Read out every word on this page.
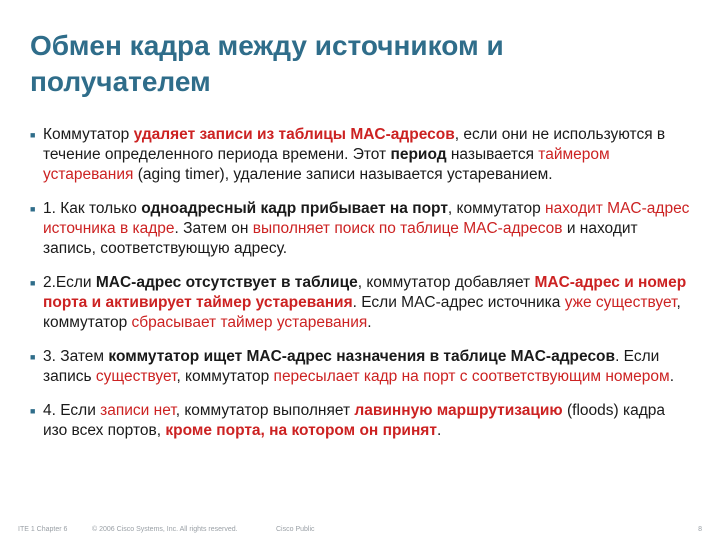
Обмен кадра между источником и получателем
■ Коммутатор удаляет записи из таблицы MAC-адресов, если они не используются в течение определенного периода времени. Этот период называется таймером устаревания (aging timer), удаление записи называется устареванием.
■ 1. Как только одноадресный кадр прибывает на порт, коммутатор находит MAC-адрес источника в кадре. Затем он выполняет поиск по таблице MAC-адресов и находит запись, соответствующую адресу.
■ 2.Если MAC-адрес отсутствует в таблице, коммутатор добавляет MAC-адрес и номер порта и активирует таймер устаревания. Если MAC-адрес источника уже существует, коммутатор сбрасывает таймер устаревания.
■ 3. Затем коммутатор ищет MAC-адрес назначения в таблице MAC-адресов. Если запись существует, коммутатор пересылает кадр на порт с соответствующим номером.
■ 4. Если записи нет, коммутатор выполняет лавинную маршрутизацию (floods) кадра изо всех портов, кроме порта, на котором он принят.
ITE 1 Chapter 6	© 2006 Cisco Systems, Inc. All rights reserved.	Cisco Public	8
